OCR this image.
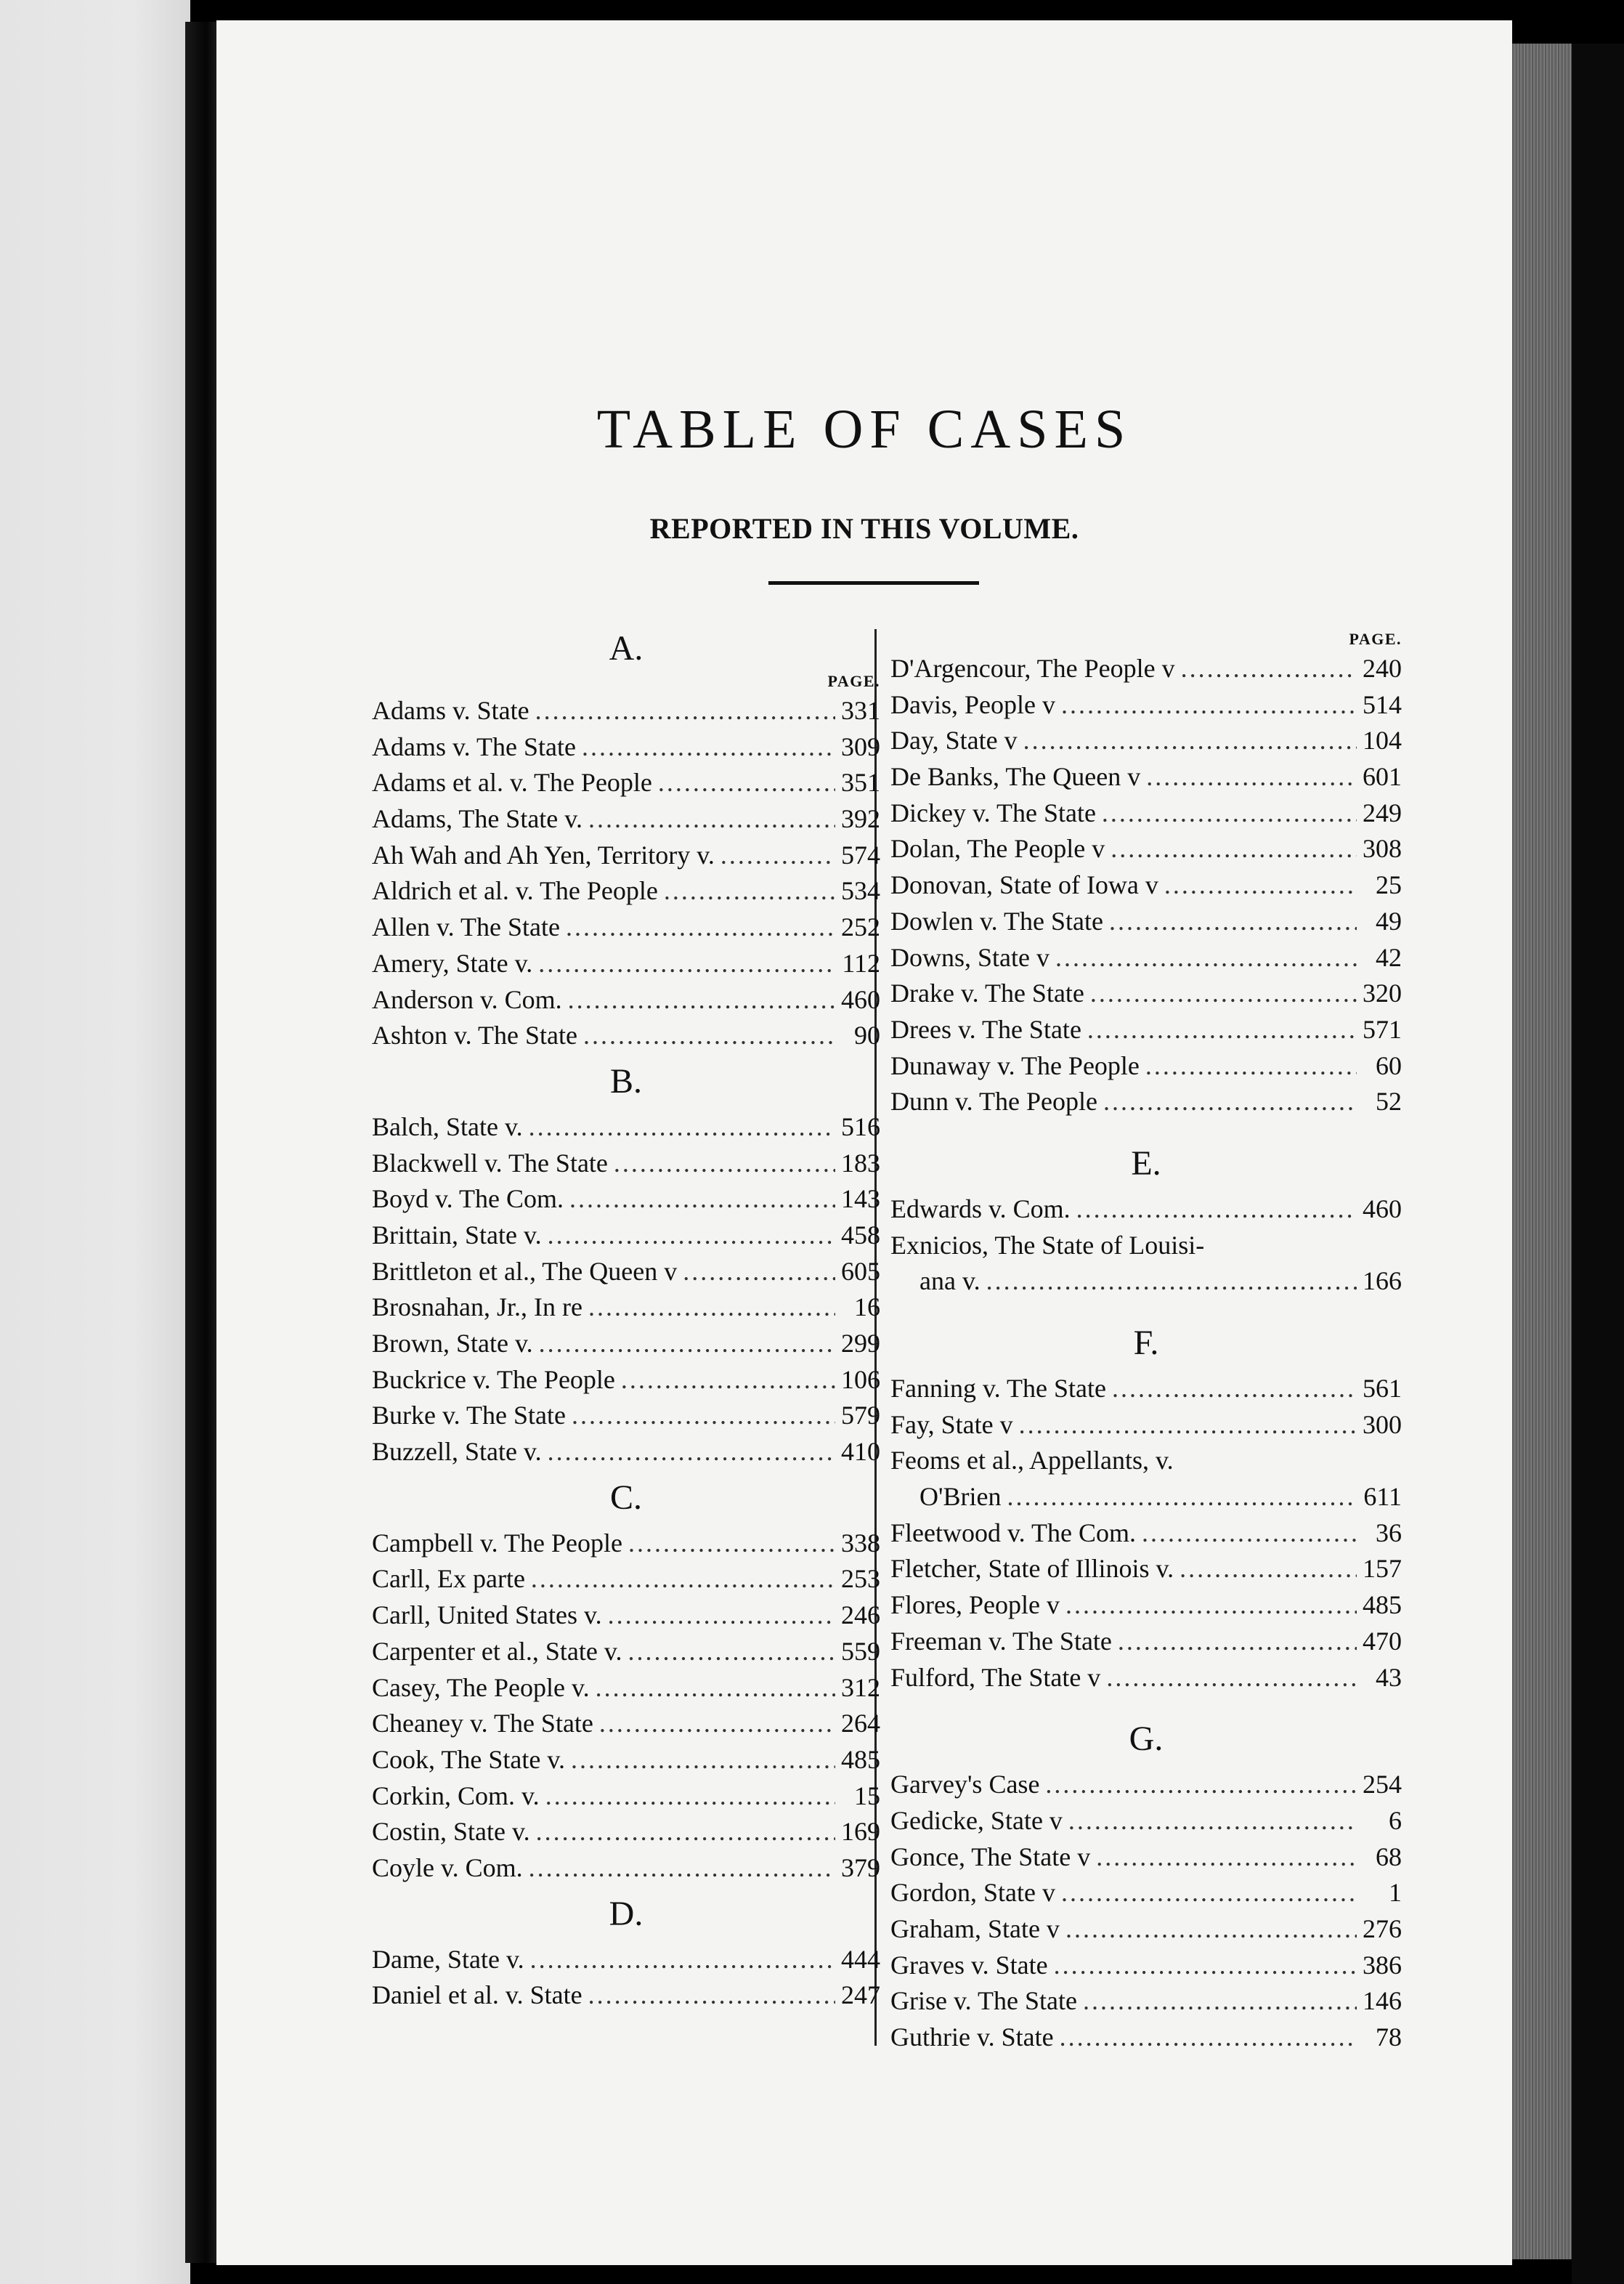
TABLE OF CASES
REPORTED IN THIS VOLUME.
A.
PAGE.
Adams v. State .....	331
Adams v. The State .....	309
Adams et al. v. The People .....	351
Adams, The State v. .....	392
Ah Wah and Ah Yen, Territory v. .....	574
Aldrich et al. v. The People .....	534
Allen v. The State .....	252
Amery, State v. .....	112
Anderson v. Com. .....	460
Ashton v. The State .....	90
B.
Balch, State v. .....	516
Blackwell v. The State .....	183
Boyd v. The Com. .....	143
Brittain, State v. .....	458
Brittleton et al., The Queen v .....	605
Brosnahan, Jr., In re .....	16
Brown, State v. .....	299
Buckrice v. The People .....	106
Burke v. The State .....	579
Buzzell, State v. .....	410
C.
Campbell v. The People .....	338
Carll, Ex parte .....	253
Carll, United States v. .....	246
Carpenter et al., State v. .....	559
Casey, The People v. .....	312
Cheaney v. The State .....	264
Cook, The State v. .....	485
Corkin, Com. v. .....	15
Costin, State v. .....	169
Coyle v. Com. .....	379
D.
Dame, State v. .....	444
Daniel et al. v. State .....	247
PAGE.
D'Argencour, The People v .....	240
Davis, People v .....	514
Day, State v .....	104
De Banks, The Queen v .....	601
Dickey v. The State .....	249
Dolan, The People v .....	308
Donovan, State of Iowa v .....	25
Dowlen v. The State .....	49
Downs, State v .....	42
Drake v. The State .....	320
Drees v. The State .....	571
Dunaway v. The People .....	60
Dunn v. The People .....	52
E.
Edwards v. Com. .....	460
Exnicios, The State of Louisi-
ana v. .....	166
F.
Fanning v. The State .....	561
Fay, State v .....	300
Feoms et al., Appellants, v.
O'Brien .....	611
Fleetwood v. The Com. .....	36
Fletcher, State of Illinois v. .....	157
Flores, People v .....	485
Freeman v. The State .....	470
Fulford, The State v .....	43
G.
Garvey's Case .....	254
Gedicke, State v .....	6
Gonce, The State v .....	68
Gordon, State v .....	1
Graham, State v .....	276
Graves v. State .....	386
Grise v. The State .....	146
Guthrie v. State .....	78
